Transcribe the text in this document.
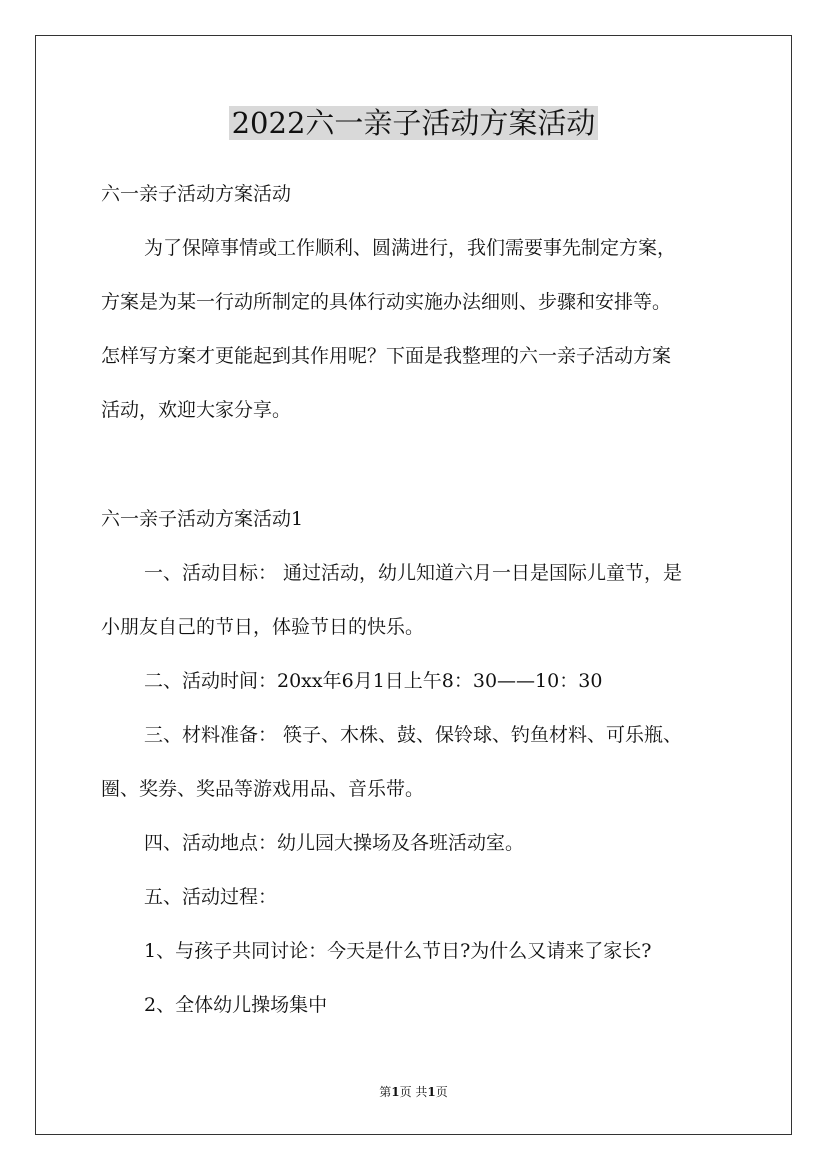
2022六一亲子活动方案活动
六一亲子活动方案活动
为了保障事情或工作顺利、圆满进行，我们需要事先制定方案，
方案是为某一行动所制定的具体行动实施办法细则、步骤和安排等。
怎样写方案才更能起到其作用呢？下面是我整理的六一亲子活动方案
活动，欢迎大家分享。
六一亲子活动方案活动1
一、活动目标： 通过活动，幼儿知道六月一日是国际儿童节，是
小朋友自己的节日，体验节日的快乐。
二、活动时间：20xx年6月1日上午8：30——10：30
三、材料准备： 筷子、木株、鼓、保铃球、钓鱼材料、可乐瓶、
圈、奖券、奖品等游戏用品、音乐带。
四、活动地点：幼儿园大操场及各班活动室。
五、活动过程：
1、与孩子共同讨论：今天是什么节日?为什么又请来了家长?
2、全体幼儿操场集中
第1页 共1页
